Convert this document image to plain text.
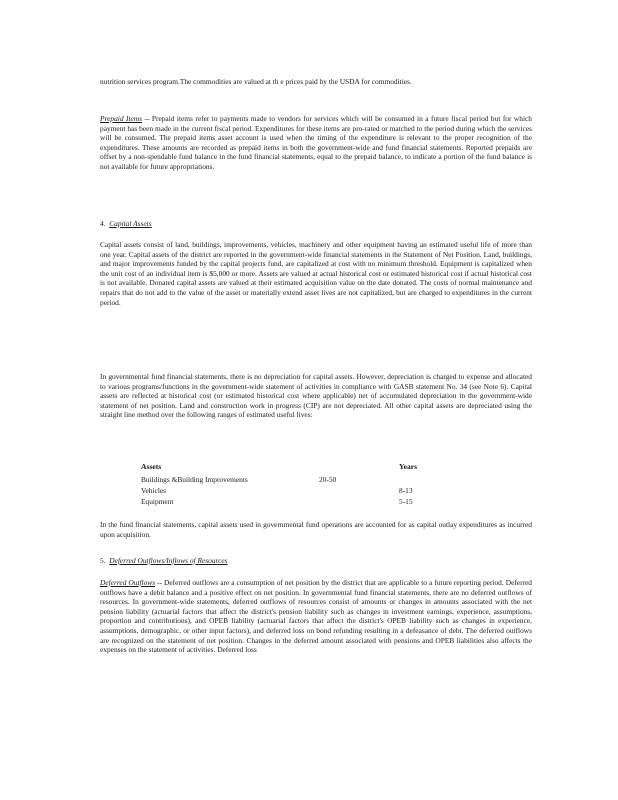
nutrition services program.The commodities are valued at th e prices paid by the USDA for commodities.

Prepaid Items -- Prepaid items refer to payments made to vendors for services which will be consumed in a future fiscal period but for which payment has been made in the current fiscal period. Expenditures for these items are pro-rated or matched to the period during which the services will be consumed. The prepaid items asset account is used when the timing of the expenditure is relevant to the proper recognition of the expenditures. These amounts are recorded as prepaid items in both the government-wide and fund financial statements. Reported prepaids are offset by a non-spendable fund balance in the fund financial statements, equal to the prepaid balance, to indicate a portion of the fund balance is not available for future appropriations.

4. Capital Assets

Capital assets consist of land, buildings, improvements, vehicles, machinery and other equipment having an estimated useful life of more than one year. Capital assets of the district are reported in the government-wide financial statements in the Statement of Net Position. Land, buildings, and major improvements funded by the capital projects fund, are capitalized at cost with no minimum threshold. Equipment is capitalized when the unit cost of an individual item is $5,000 or more. Assets are valued at actual historical cost or estimated historical cost if actual historical cost is not available. Donated capital assets are valued at their estimated acquisition value on the date donated. The costs of normal maintenance and repairs that do not add to the value of the asset or materially extend asset lives are not capitalized, but are charged to expenditures in the current period.

In governmental fund financial statements, there is no depreciation for capital assets. However, depreciation is charged to expense and allocated to various programs/functions in the government-wide statement of activities in compliance with GASB statement No. 34 (see Note 6). Capital assets are reflected at historical cost (or estimated historical cost where applicable) net of accumulated depreciation in the government-wide statement of net position. Land and construction work in progress (CIP) are not depreciated. All other capital assets are depreciated using the straight line method over the following ranges of estimated useful lives:

Assets		Years
Buildings &Building Improvements	20-50	
Vehicles		8-13
Equipment		5-15

In the fund financial statements, capital assets used in governmental fund operations are accounted for as capital outlay expenditures as incurred upon acquisition.

5. Deferred Outflows/Inflows of Resources

Deferred Outflows -- Deferred outflows are a consumption of net position by the district that are applicable to a future reporting period. Deferred outflows have a debit balance and a positive effect on net position. In governmental fund financial statements, there are no deferred outflows of resources. In government-wide statements, deferred outflows of resources consist of amounts or changes in amounts associated with the net pension liability (actuarial factors that affect the district's pension liability such as changes in investment earnings, experience, assumptions, proportion and contributions), and OPEB liability (actuarial factors that affect the district's OPEB liability such as changes in experience, assumptions, demographic, or other input factors), and deferred loss on bond refunding resulting in a defeasance of debt. The deferred outflows are recognized on the statement of net position. Changes in the deferred amount associated with pensions and OPEB liabilities also affects the expenses on the statement of activities. Deferred loss
